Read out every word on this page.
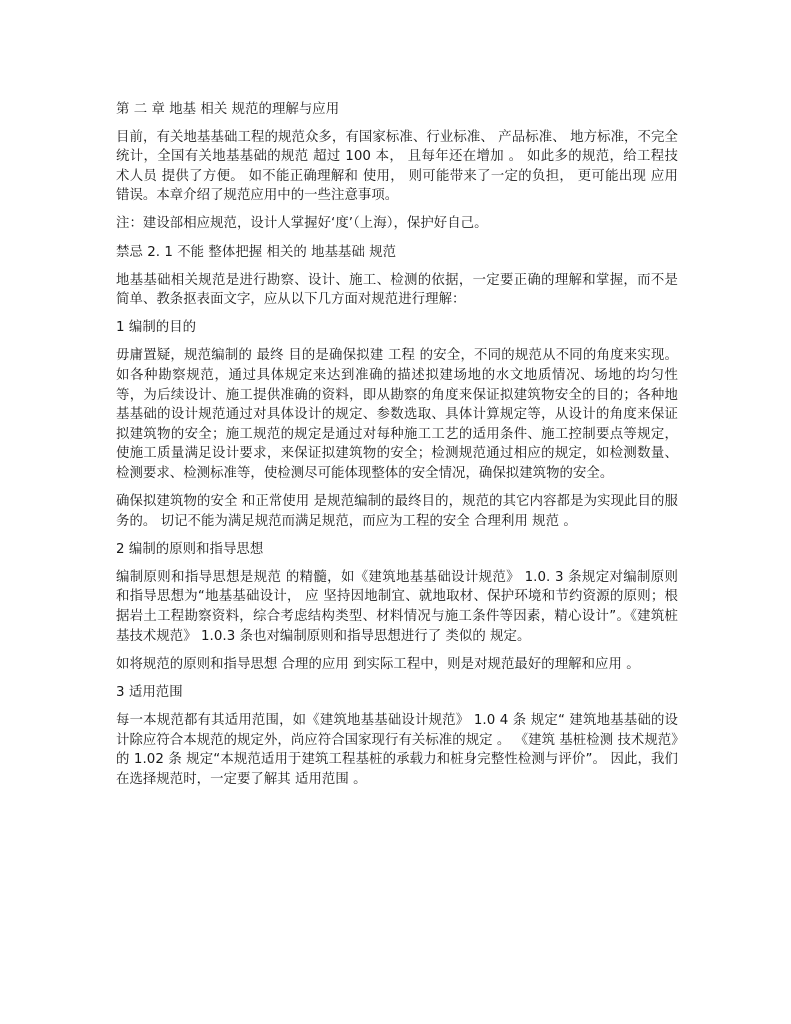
第 二 章 地基 相关 规范的理解与应用

目前，有关地基基础工程的规范众多，有国家标准、行业标准、 产品标准、 地方标准，不完全统计，全国有关地基基础的规范 超过 100 本， 且每年还在增加 。 如此多的规范，给工程技术人员 提供了方便。 如不能正确理解和 使用， 则可能带来了一定的负担， 更可能出现 应用 错误。本章介绍了规范应用中的一些注意事项。

注：建设部相应规范，设计人掌握好‘度’（上海），保护好自己。

禁忌 2. 1 不能 整体把握 相关的 地基基础 规范

地基基础相关规范是进行勘察、设计、施工、检测的依据，一定要正确的理解和掌握，而不是简单、教条抠表面文字，应从以下几方面对规范进行理解：

1 编制的目的

毋庸置疑，规范编制的 最终 目的是确保拟建 工程 的安全，不同的规范从不同的角度来实现。 如各种勘察规范，通过具体规定来达到准确的描述拟建场地的水文地质情况、场地的均匀性等，为后续设计、施工提供准确的资料，即从勘察的角度来保证拟建筑物安全的目的；各种地基基础的设计规范通过对具体设计的规定、参数选取、具体计算规定等，从设计的角度来保证拟建筑物的安全；施工规范的规定是通过对每种施工工艺的适用条件、施工控制要点等规定，使施工质量满足设计要求，来保证拟建筑物的安全；检测规范通过相应的规定，如检测数量、检测要求、检测标准等，使检测尽可能体现整体的安全情况，确保拟建筑物的安全。

确保拟建筑物的安全 和正常使用 是规范编制的最终目的，规范的其它内容都是为实现此目的服务的。 切记不能为满足规范而满足规范，而应为工程的安全 合理利用 规范 。

2 编制的原则和指导思想

编制原则和指导思想是规范 的精髓，如《建筑地基基础设计规范》 1.0. 3 条规定对编制原则和指导思想为“地基基础设计， 应 坚持因地制宜、就地取材、保护环境和节约资源的原则；根据岩土工程勘察资料，综合考虑结构类型、材料情况与施工条件等因素，精心设计”。《建筑桩基技术规范》 1.0.3 条也对编制原则和指导思想进行了 类似的 规定。

如将规范的原则和指导思想 合理的应用 到实际工程中，则是对规范最好的理解和应用 。

3 适用范围

每一本规范都有其适用范围，如《建筑地基基础设计规范》 1.0 4 条 规定“ 建筑地基基础的设计除应符合本规范的规定外，尚应符合国家现行有关标准的规定 。 《建筑 基桩检测 技术规范》的 1.02 条 规定“本规范适用于建筑工程基桩的承载力和桩身完整性检测与评价”。 因此，我们在选择规范时，一定要了解其 适用范围 。
